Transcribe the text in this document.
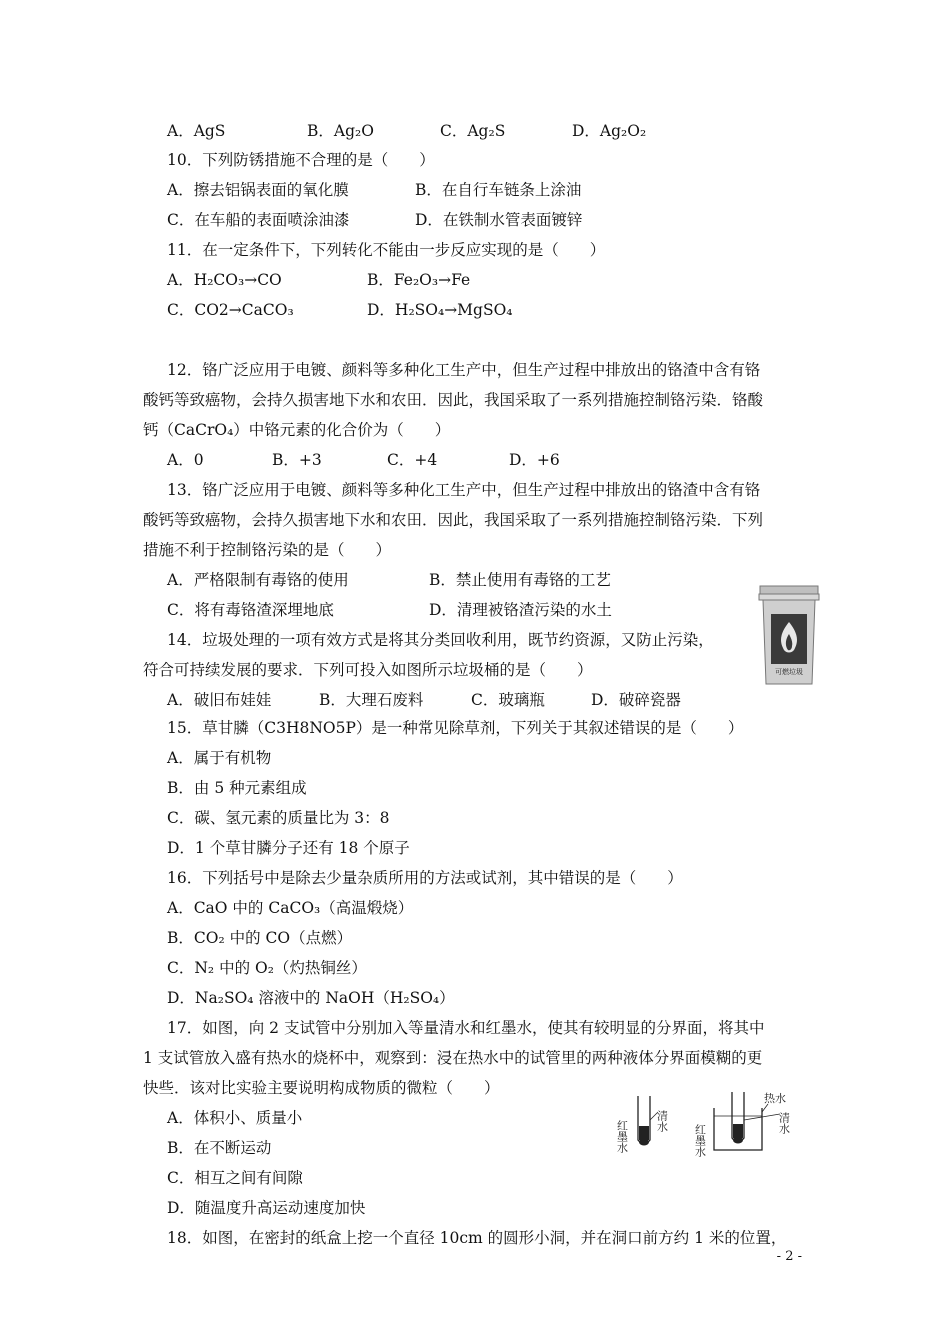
A．AgS	B．Ag₂O	C．Ag₂S	D．Ag₂O₂
10．下列防锈措施不合理的是（　　）
A．擦去铝锅表面的氧化膜	B．在自行车链条上涂油
C．在车船的表面喷涂油漆	D．在铁制水管表面镀锌
11．在一定条件下，下列转化不能由一步反应实现的是（　　）
A．H₂CO₃→CO	B．Fe₂O₃→Fe
C．CO2→CaCO₃	D．H₂SO₄→MgSO₄
12．铬广泛应用于电镀、颜料等多种化工生产中，但生产过程中排放出的铬渣中含有铬
酸钙等致癌物，会持久损害地下水和农田．因此，我国采取了一系列措施控制铬污染．铬酸
钙（CaCrO₄）中铬元素的化合价为（　　）
A．0	B．+3	C．+4	D．+6
13．铬广泛应用于电镀、颜料等多种化工生产中，但生产过程中排放出的铬渣中含有铬
酸钙等致癌物，会持久损害地下水和农田．因此，我国采取了一系列措施控制铬污染．下列
措施不利于控制铬污染的是（　　）
A．严格限制有毒铬的使用	B．禁止使用有毒铬的工艺
C．将有毒铬渣深埋地底	D．清理被铬渣污染的水土
14．垃圾处理的一项有效方式是将其分类回收利用，既节约资源，又防止污染，
符合可持续发展的要求．下列可投入如图所示垃圾桶的是（　　）
A．破旧布娃娃	B．大理石废料	C．玻璃瓶	D．破碎瓷器
可燃垃圾
15．草甘膦（C3H8NO5P）是一种常见除草剂，下列关于其叙述错误的是（　　）
A．属于有机物
B．由 5 种元素组成
C．碳、氢元素的质量比为 3：8
D．1 个草甘膦分子还有 18 个原子
16．下列括号中是除去少量杂质所用的方法或试剂，其中错误的是（　　）
A．CaO 中的 CaCO₃（高温煅烧）
B．CO₂ 中的 CO（点燃）
C．N₂ 中的 O₂（灼热铜丝）
D．Na₂SO₄ 溶液中的 NaOH（H₂SO₄）
17．如图，向 2 支试管中分别加入等量清水和红墨水，使其有较明显的分界面，将其中
1 支试管放入盛有热水的烧杯中，观察到：浸在热水中的试管里的两种液体分界面模糊的更
快些．该对比实验主要说明构成物质的微粒（　　）
A．体积小、质量小
B．在不断运动
C．相互之间有间隙
D．随温度升高运动速度加快
红墨水 清水
红墨水
清水
热水
18．如图，在密封的纸盒上挖一个直径 10cm 的圆形小洞，并在洞口前方约 1 米的位置，
- 2 -
